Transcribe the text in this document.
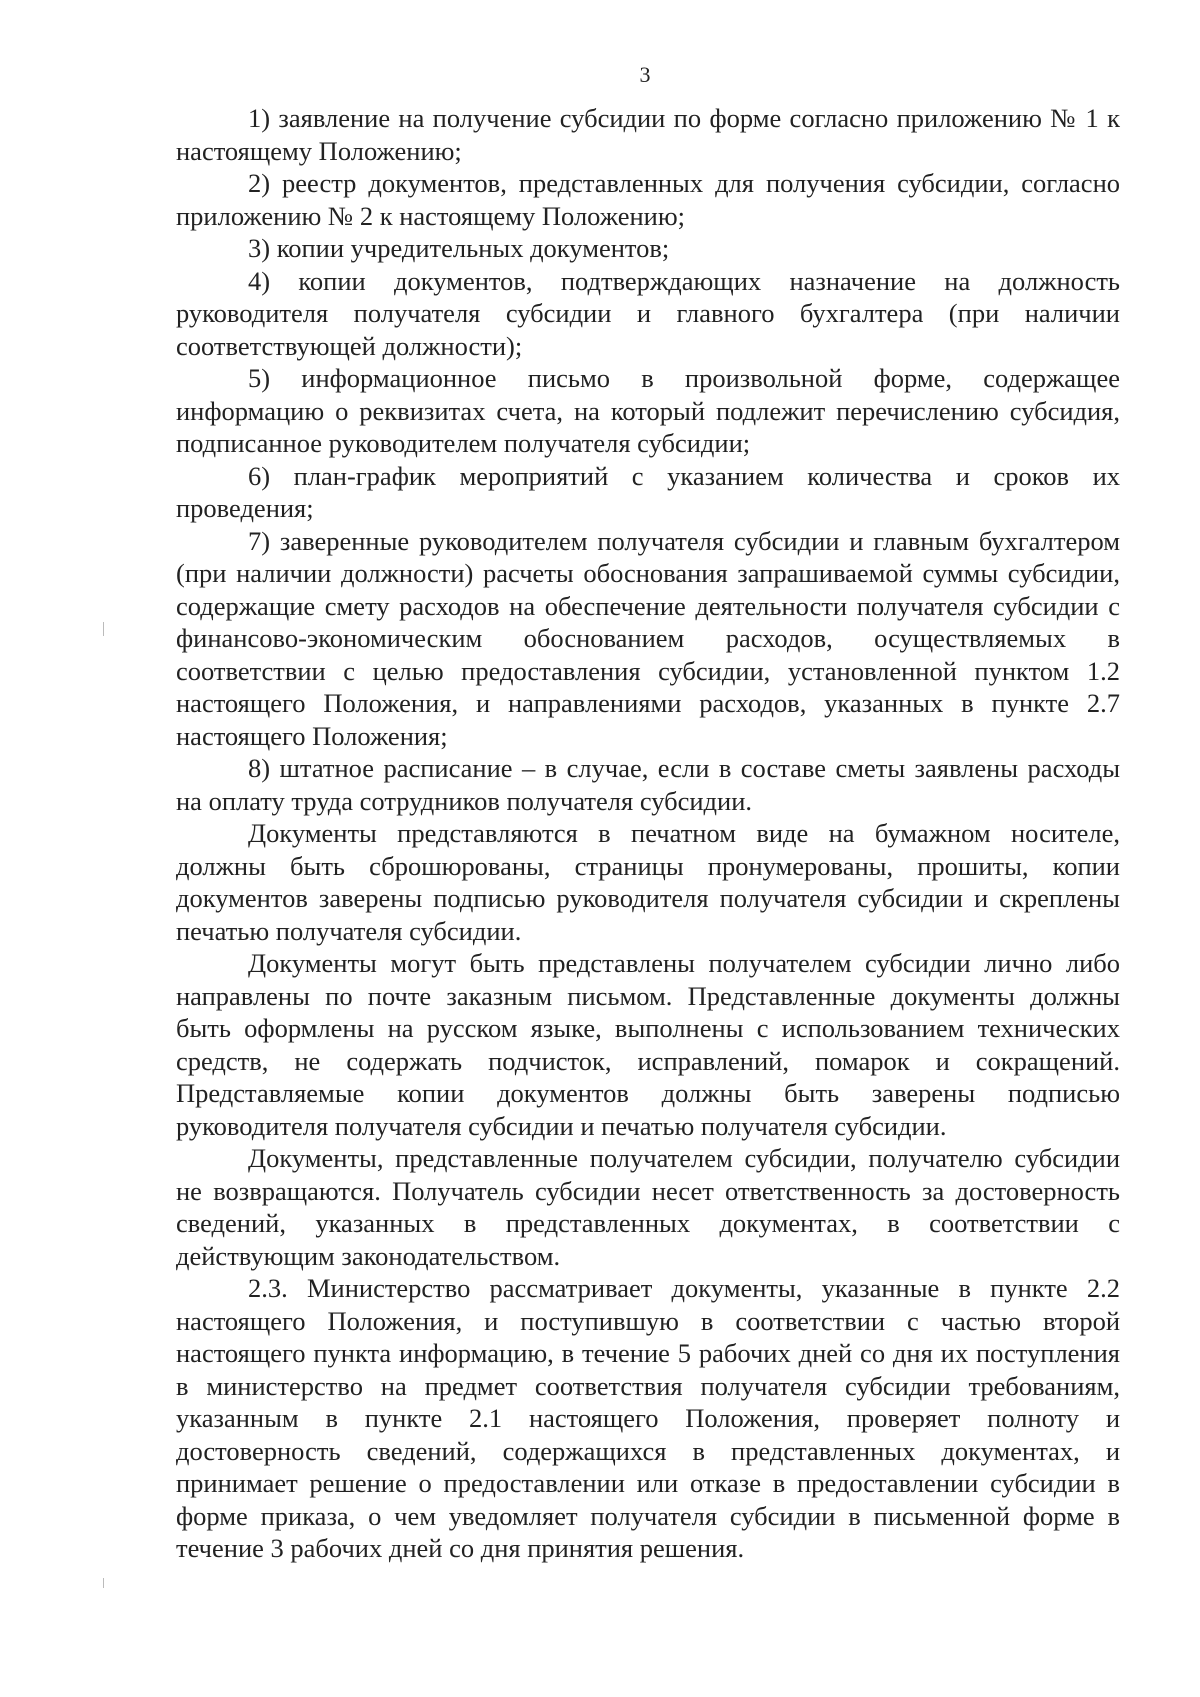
3

1) заявление на получение субсидии по форме согласно приложению № 1 к настоящему Положению;

2) реестр документов, представленных для получения субсидии, согласно приложению № 2 к настоящему Положению;

3) копии учредительных документов;

4) копии документов, подтверждающих назначение на должность руководителя получателя субсидии и главного бухгалтера (при наличии соответствующей должности);

5) информационное письмо в произвольной форме, содержащее информацию о реквизитах счета, на который подлежит перечислению субсидия, подписанное руководителем получателя субсидии;

6) план-график мероприятий с указанием количества и сроков их проведения;

7) заверенные руководителем получателя субсидии и главным бухгалтером (при наличии должности) расчеты обоснования запрашиваемой суммы субсидии, содержащие смету расходов на обеспечение деятельности получателя субсидии с финансово-экономическим обоснованием расходов, осуществляемых в соответствии с целью предоставления субсидии, установленной пунктом 1.2 настоящего Положения, и направлениями расходов, указанных в пункте 2.7 настоящего Положения;

8) штатное расписание – в случае, если в составе сметы заявлены расходы на оплату труда сотрудников получателя субсидии.

Документы представляются в печатном виде на бумажном носителе, должны быть сброшюрованы, страницы пронумерованы, прошиты, копии документов заверены подписью руководителя получателя субсидии и скреплены печатью получателя субсидии.

Документы могут быть представлены получателем субсидии лично либо направлены по почте заказным письмом. Представленные документы должны быть оформлены на русском языке, выполнены с использованием технических средств, не содержать подчисток, исправлений, помарок и сокращений. Представляемые копии документов должны быть заверены подписью руководителя получателя субсидии и печатью получателя субсидии.

Документы, представленные получателем субсидии, получателю субсидии не возвращаются. Получатель субсидии несет ответственность за достоверность сведений, указанных в представленных документах, в соответствии с действующим законодательством.

2.3. Министерство рассматривает документы, указанные в пункте 2.2 настоящего Положения, и поступившую в соответствии с частью второй настоящего пункта информацию, в течение 5 рабочих дней со дня их поступления в министерство на предмет соответствия получателя субсидии требованиям, указанным в пункте 2.1 настоящего Положения, проверяет полноту и достоверность сведений, содержащихся в представленных документах, и принимает решение о предоставлении или отказе в предоставлении субсидии в форме приказа, о чем уведомляет получателя субсидии в письменной форме в течение 3 рабочих дней со дня принятия решения.
